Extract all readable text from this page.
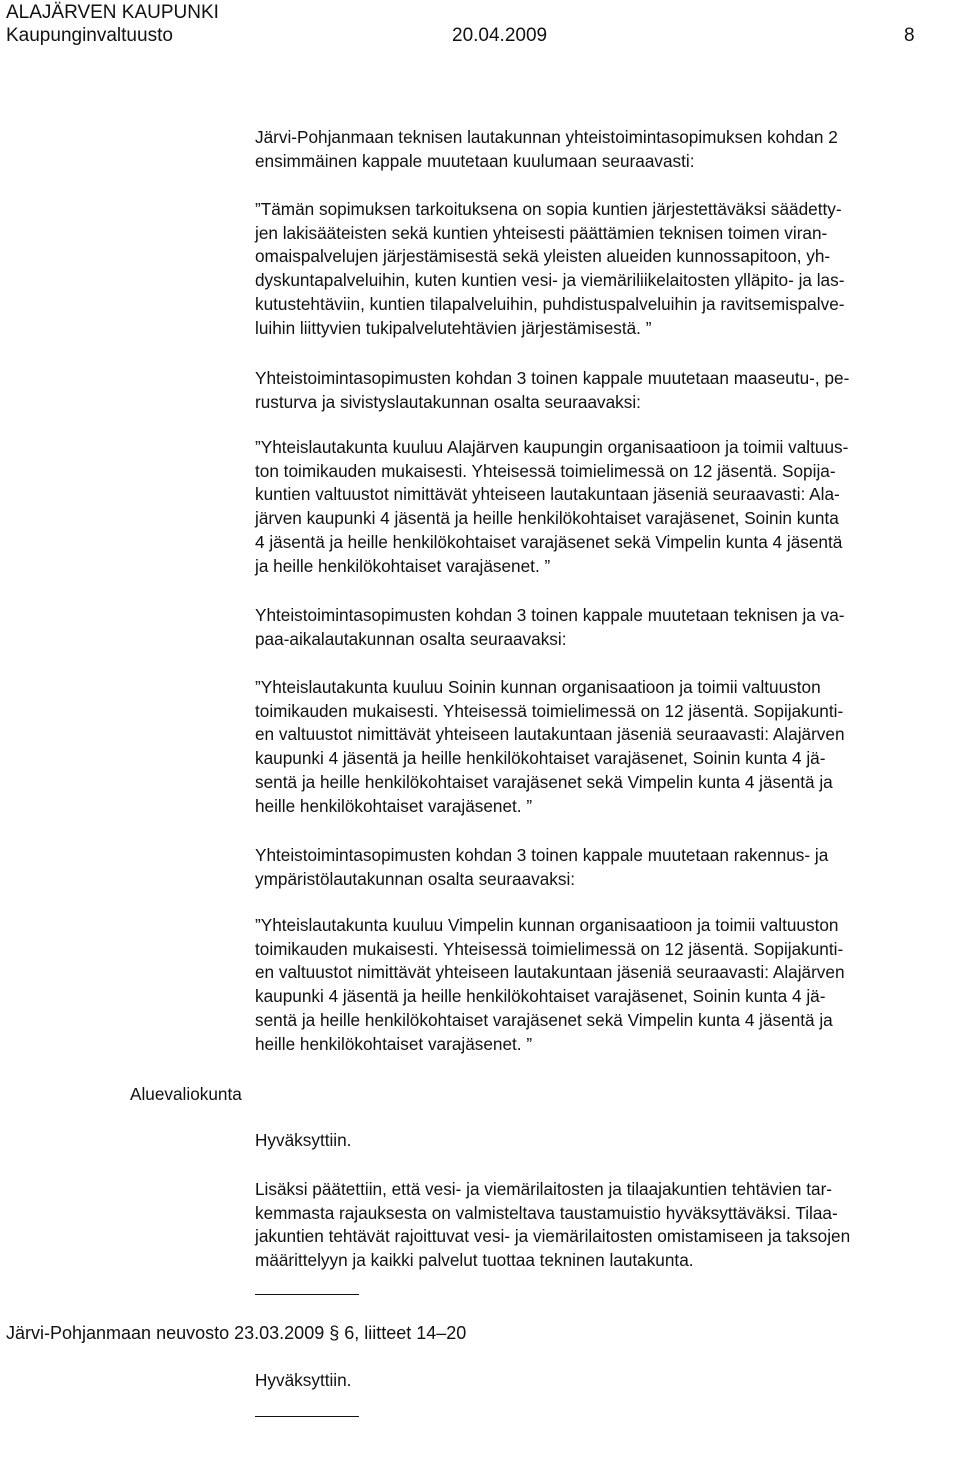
ALAJÄRVEN KAUPUNKI
Kaupunginvaltuusto	20.04.2009	8

Järvi-Pohjanmaan teknisen lautakunnan yhteistoimintasopimuksen kohdan 2
ensimmäinen kappale muutetaan kuulumaan seuraavasti:

”Tämän sopimuksen tarkoituksena on sopia kuntien järjestettäväksi säädetty-
jen lakisääteisten sekä kuntien yhteisesti päättämien teknisen toimen viran-
omaispalvelujen järjestämisestä sekä yleisten alueiden kunnossapitoon, yh-
dyskuntapalveluihin, kuten kuntien vesi- ja viemäriliikelaitosten ylläpito- ja las-
kutustehtäviin, kuntien tilapalveluihin, puhdistuspalveluihin ja ravitsemispalve-
luihin liittyvien tukipalvelutehtävien järjestämisestä. ”

Yhteistoimintasopimusten kohdan 3 toinen kappale muutetaan maaseutu-, pe-
rusturva ja sivistyslautakunnan osalta seuraavaksi:

”Yhteislautakunta kuuluu Alajärven kaupungin organisaatioon ja toimii valtuus-
ton toimikauden mukaisesti. Yhteisessä toimielimessä on 12 jäsentä. Sopija-
kuntien valtuustot nimittävät yhteiseen lautakuntaan jäseniä seuraavasti: Ala-
järven kaupunki 4 jäsentä ja heille henkilökohtaiset varajäsenet, Soinin kunta
4 jäsentä ja heille henkilökohtaiset varajäsenet sekä Vimpelin kunta 4 jäsentä
ja heille henkilökohtaiset varajäsenet. ”

Yhteistoimintasopimusten kohdan 3 toinen kappale muutetaan teknisen ja va-
paa-aikalautakunnan osalta seuraavaksi:

”Yhteislautakunta kuuluu Soinin kunnan organisaatioon ja toimii valtuuston
toimikauden mukaisesti. Yhteisessä toimielimessä on 12 jäsentä. Sopijakunti-
en valtuustot nimittävät yhteiseen lautakuntaan jäseniä seuraavasti: Alajärven
kaupunki 4 jäsentä ja heille henkilökohtaiset varajäsenet, Soinin kunta 4 jä-
sentä ja heille henkilökohtaiset varajäsenet sekä Vimpelin kunta 4 jäsentä ja
heille henkilökohtaiset varajäsenet. ”

Yhteistoimintasopimusten kohdan 3 toinen kappale muutetaan rakennus- ja
ympäristölautakunnan osalta seuraavaksi:

”Yhteislautakunta kuuluu Vimpelin kunnan organisaatioon ja toimii valtuuston
toimikauden mukaisesti. Yhteisessä toimielimessä on 12 jäsentä. Sopijakunti-
en valtuustot nimittävät yhteiseen lautakuntaan jäseniä seuraavasti: Alajärven
kaupunki 4 jäsentä ja heille henkilökohtaiset varajäsenet, Soinin kunta 4 jä-
sentä ja heille henkilökohtaiset varajäsenet sekä Vimpelin kunta 4 jäsentä ja
heille henkilökohtaiset varajäsenet. ”

Aluevaliokunta

Hyväksyttiin.

Lisäksi päätettiin, että vesi- ja viemärilaitosten ja tilaajakuntien tehtävien tar-
kemmasta rajauksesta on valmisteltava taustamuistio hyväksyttäväksi. Tilaa-
jakuntien tehtävät rajoittuvat vesi- ja viemärilaitosten omistamiseen ja taksojen
määrittelyyn ja kaikki palvelut tuottaa tekninen lautakunta.

Järvi-Pohjanmaan neuvosto 23.03.2009 § 6, liitteet 14–20

Hyväksyttiin.
